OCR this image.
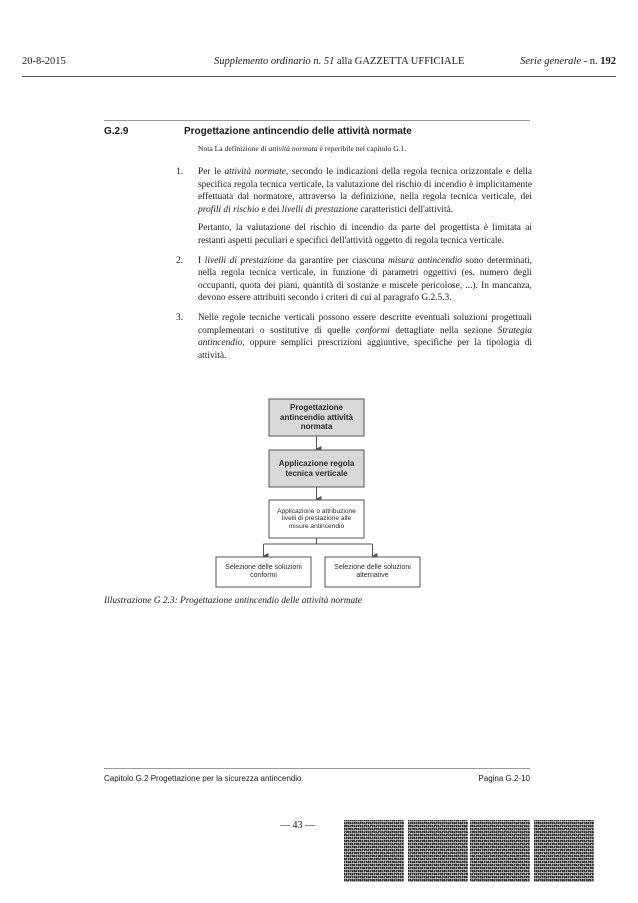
20-8-2015	Supplemento ordinario n. 51 alla GAZZETTA UFFICIALE	Serie generale - n. 192
G.2.9	Progettazione antincendio delle attività normate
Nota La definizione di attività normata è reperibile nel capitolo G.1.
1.	Per le attività normate, secondo le indicazioni della regola tecnica orizzontale e della specifica regola tecnica verticale, la valutazione del rischio di incendio è implicitamente effettuata dal normatore, attraverso la definizione, nella regola tecnica verticale, dei profili di rischio e dei livelli di prestazione caratteristici dell'attività.

Pertanto, la valutazione del rischio di incendio da parte del progettista è limitata ai restanti aspetti peculiari e specifici dell'attività oggetto di regola tecnica verticale.

2.	I livelli di prestazione da garantire per ciascuna misura antincendio sono determinati, nella regola tecnica verticale, in funzione di parametri oggettivi (es. numero degli occupanti, quota dei piani, quantità di sostanze e miscele pericolose, ...). In mancanza, devono essere attribuiti secondo i criteri di cui al paragrafo G.2.5.3.

3.	Nelle regole tecniche verticali possono essere descritte eventuali soluzioni progettuali complementari o sostitutive di quelle conformi dettagliate nella sezione Strategia antincendio, oppure semplici prescrizioni aggiuntive, specifiche per la tipologia di attività.

Progettazione antincendio attività normata
Applicazione regola tecnica verticale
Applicazione o attribuzione livelli di prestazione alle misure antincendio
Selezione delle soluzioni conformi
Selezione delle soluzioni alternative
Illustrazione G 2.3: Progettazione antincendio delle attività normate
Capitolo G.2 Progettazione per la sicurezza antincendio	Pagina G.2-10
— 43 —
